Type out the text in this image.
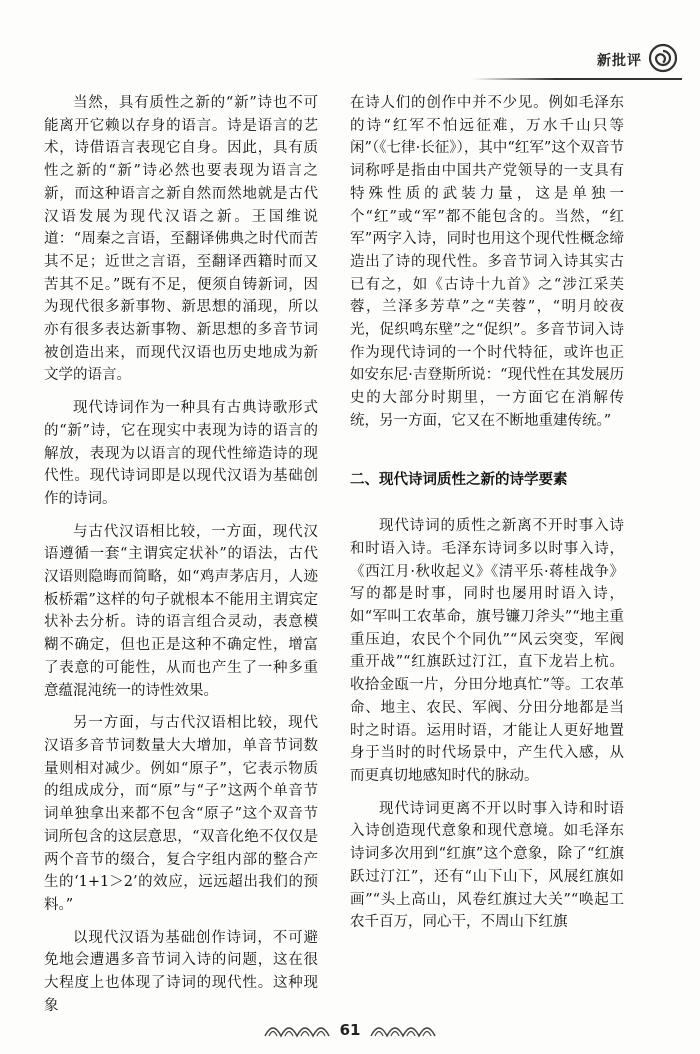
新批评

当然，具有质性之新的“新”诗也不可能离开它赖以存身的语言。诗是语言的艺术，诗借语言表现它自身。因此，具有质性之新的“新”诗必然也要表现为语言之新，而这种语言之新自然而然地就是古代汉语发展为现代汉语之新。王国维说道：“周秦之言语，至翻译佛典之时代而苦其不足；近世之言语，至翻译西籍时而又苦其不足。”既有不足，便须自铸新词，因为现代很多新事物、新思想的涌现，所以亦有很多表达新事物、新思想的多音节词被创造出来，而现代汉语也历史地成为新文学的语言。

现代诗词作为一种具有古典诗歌形式的“新”诗，它在现实中表现为诗的语言的解放，表现为以语言的现代性缔造诗的现代性。现代诗词即是以现代汉语为基础创作的诗词。

与古代汉语相比较，一方面，现代汉语遵循一套“主谓宾定状补”的语法，古代汉语则隐晦而简略，如“鸡声茅店月，人迹板桥霜”这样的句子就根本不能用主谓宾定状补去分析。诗的语言组合灵动，表意模糊不确定，但也正是这种不确定性，增富了表意的可能性，从而也产生了一种多重意蕴混沌统一的诗性效果。

另一方面，与古代汉语相比较，现代汉语多音节词数量大大增加，单音节词数量则相对减少。例如“原子”，它表示物质的组成成分，而“原”与“子”这两个单音节词单独拿出来都不包含“原子”这个双音节词所包含的这层意思，“双音化绝不仅仅是两个音节的缀合，复合字组内部的整合产生的‘1+1＞2’的效应，远远超出我们的预料。”

以现代汉语为基础创作诗词，不可避免地会遭遇多音节词入诗的问题，这在很大程度上也体现了诗词的现代性。这种现象

在诗人们的创作中并不少见。例如毛泽东的诗“红军不怕远征难，万水千山只等闲”（《七律·长征》），其中“红军”这个双音节词称呼是指由中国共产党领导的一支具有特殊性质的武装力量，这是单独一个“红”或“军”都不能包含的。当然，“红军”两字入诗，同时也用这个现代性概念缔造出了诗的现代性。多音节词入诗其实古已有之，如《古诗十九首》之“涉江采芙蓉，兰泽多芳草”之“芙蓉”，“明月皎夜光，促织鸣东壁”之“促织”。多音节词入诗作为现代诗词的一个时代特征，或许也正如安东尼·吉登斯所说：“现代性在其发展历史的大部分时期里，一方面它在消解传统，另一方面，它又在不断地重建传统。”

二、现代诗词质性之新的诗学要素

现代诗词的质性之新离不开时事入诗和时语入诗。毛泽东诗词多以时事入诗，《西江月·秋收起义》《清平乐·蒋桂战争》写的都是时事，同时也屡用时语入诗，如“军叫工农革命，旗号镰刀斧头”“地主重重压迫，农民个个同仇”“风云突变，军阀重开战”“红旗跃过汀江，直下龙岩上杭。收拾金瓯一片，分田分地真忙”等。工农革命、地主、农民、军阀、分田分地都是当时之时语。运用时语，才能让人更好地置身于当时的时代场景中，产生代入感，从而更真切地感知时代的脉动。

现代诗词更离不开以时事入诗和时语入诗创造现代意象和现代意境。如毛泽东诗词多次用到“红旗”这个意象，除了“红旗跃过汀江”，还有“山下山下，风展红旗如画”“头上高山，风卷红旗过大关”“唤起工农千百万，同心干，不周山下红旗

61
